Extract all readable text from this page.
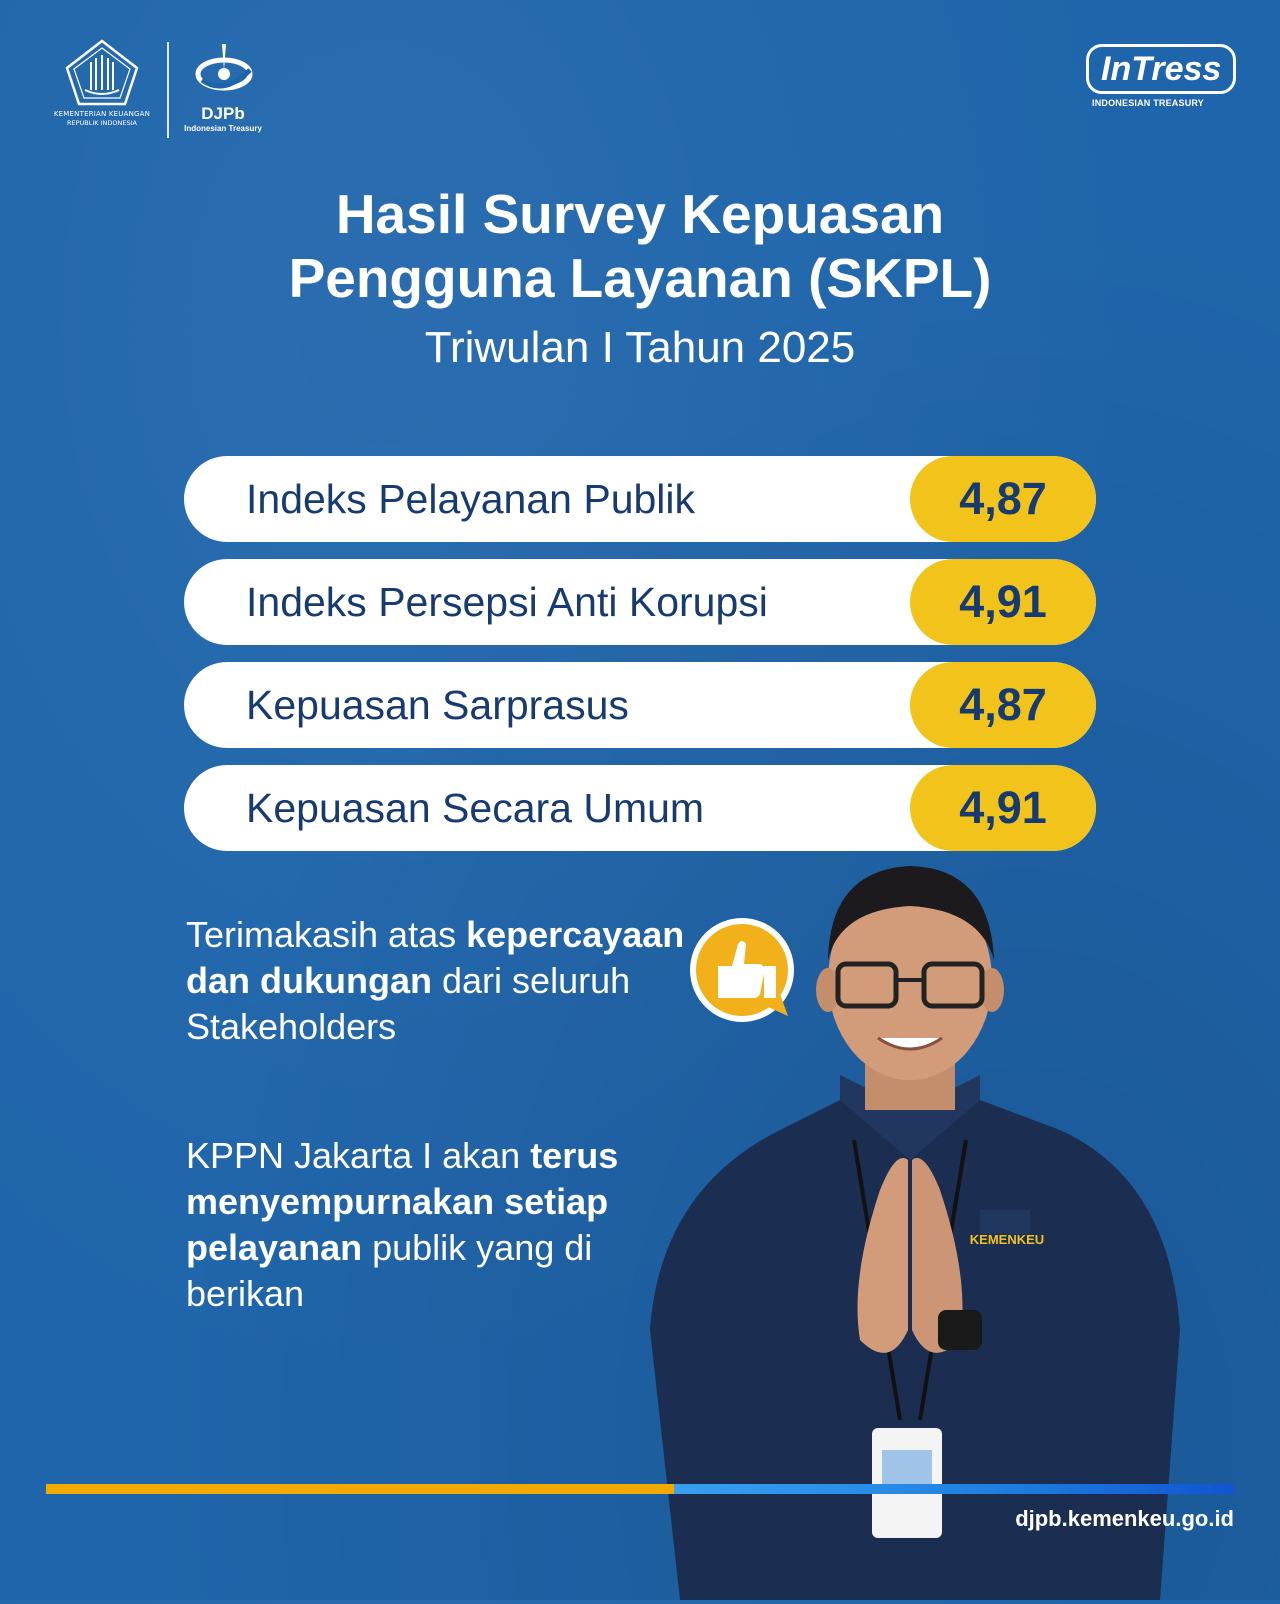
KEMENTERIAN KEUANGAN
REPUBLIK INDONESIA	DJPb
Indonesian Treasury
InTress
INDONESIAN TREASURY
Hasil Survey Kepuasan
Pengguna Layanan (SKPL)
Triwulan I Tahun 2025
Indeks Pelayanan Publik	4,87
Indeks Persepsi Anti Korupsi	4,91
Kepuasan Sarprasus	4,87
Kepuasan Secara Umum	4,91
Terimakasih atas kepercayaan dan dukungan dari seluruh Stakeholders
KPPN Jakarta I akan terus menyempurnakan setiap pelayanan publik yang di berikan
KEMENKEU
djpb.kemenkeu.go.id
